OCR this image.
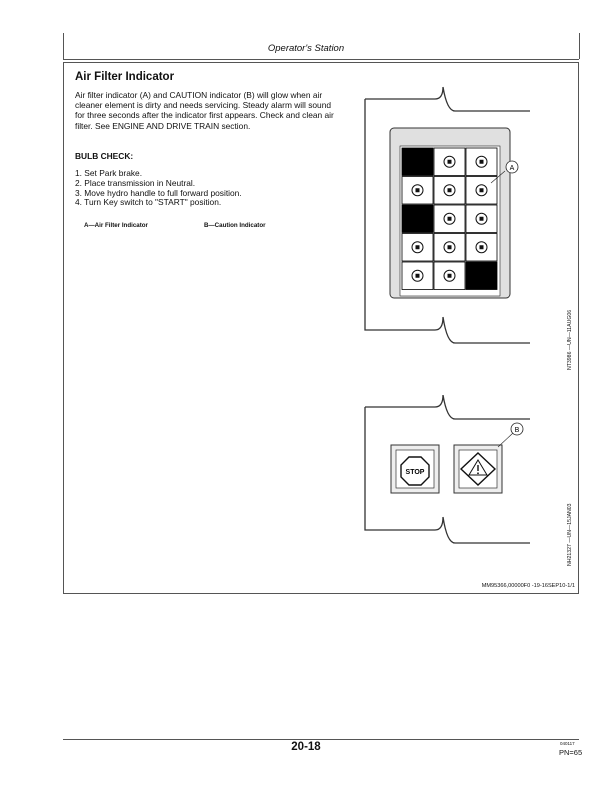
Operator's Station
Air Filter Indicator
Air filter indicator (A) and CAUTION indicator (B) will glow when air cleaner element is dirty and needs servicing. Steady alarm will sound for three seconds after the indicator first appears. Check and clean air filter. See ENGINE AND DRIVE TRAIN section.
BULB CHECK:
1. Set Park brake.
2. Place transmission in Neutral.
3. Move hydro handle to full forward position.
4. Turn Key switch to "START" position.
A—Air Filter Indicator	B—Caution Indicator
A
STOP
B
NT3986 —UN—11AUG06
NH21327 —UN—15JAN03
MM95366,00000F0 -19-16SEP10-1/1
20-18	040117
PN=65
